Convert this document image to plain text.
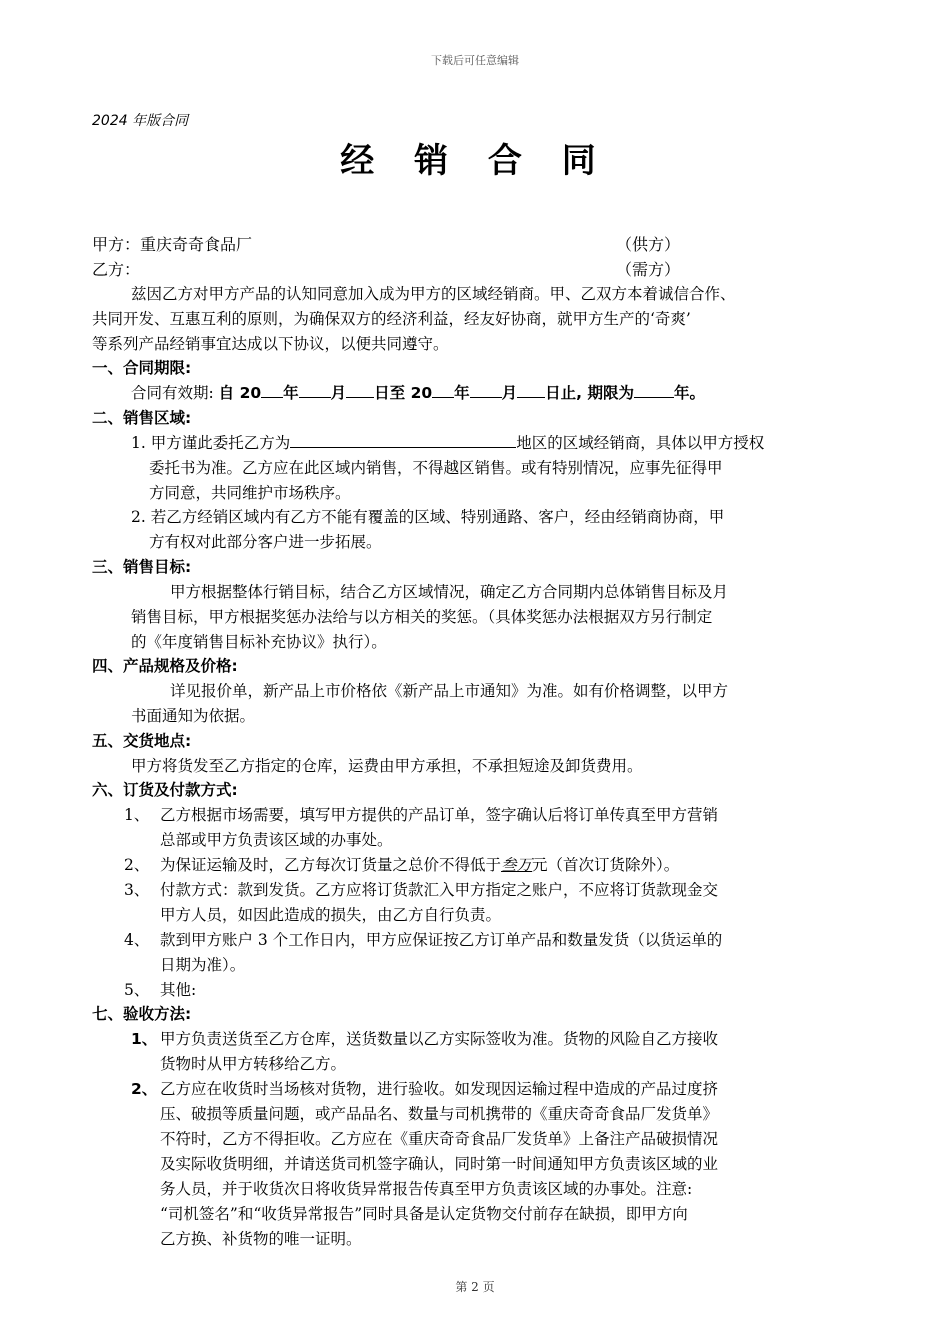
下载后可任意编辑
2024 年版合同
经 销 合 同
甲方：重庆奇奇食品厂	（供方）
乙方：	（需方）
兹因乙方对甲方产品的认知同意加入成为甲方的区域经销商。甲、乙双方本着诚信合作、
共同开发、互惠互利的原则，为确保双方的经济利益，经友好协商，就甲方生产的‘奇爽’
等系列产品经销事宜达成以下协议，以便共同遵守。
一、合同期限:
合同有效期: 自 20 年 月 日至 20 年 月 日止, 期限为	年。
二、销售区域:
1. 甲方谨此委托乙方为	地区的区域经销商，具体以甲方授权
委托书为准。乙方应在此区域内销售，不得越区销售。或有特别情况，应事先征得甲
方同意，共同维护市场秩序。
2. 若乙方经销区域内有乙方不能有覆盖的区域、特别通路、客户，经由经销商协商，甲
方有权对此部分客户进一步拓展。
三、销售目标:
甲方根据整体行销目标，结合乙方区域情况，确定乙方合同期内总体销售目标及月
销售目标，甲方根据奖惩办法给与以方相关的奖惩。（具体奖惩办法根据双方另行制定
的《年度销售目标补充协议》执行）。
四、产品规格及价格:
详见报价单，新产品上市价格依《新产品上市通知》为准。如有价格调整，以甲方
书面通知为依据。
五、交货地点:
甲方将货发至乙方指定的仓库，运费由甲方承担，不承担短途及卸货费用。
六、订货及付款方式:
1、 乙方根据市场需要，填写甲方提供的产品订单，签字确认后将订单传真至甲方营销
总部或甲方负责该区域的办事处。
2、 为保证运输及时，乙方每次订货量之总价不得低于叁万元（首次订货除外）。
3、 付款方式：款到发货。乙方应将订货款汇入甲方指定之账户，不应将订货款现金交
甲方人员，如因此造成的损失，由乙方自行负责。
4、 款到甲方账户 3 个工作日内，甲方应保证按乙方订单产品和数量发货（以货运单的
日期为准）。
5、 其他:
七、验收方法:
1、 甲方负责送货至乙方仓库，送货数量以乙方实际签收为准。货物的风险自乙方接收
货物时从甲方转移给乙方。
2、 乙方应在收货时当场核对货物，进行验收。如发现因运输过程中造成的产品过度挤
压、破损等质量问题，或产品品名、数量与司机携带的《重庆奇奇食品厂发货单》
不符时，乙方不得拒收。乙方应在《重庆奇奇食品厂发货单》上备注产品破损情况
及实际收货明细，并请送货司机签字确认，同时第一时间通知甲方负责该区域的业
务人员，并于收货次日将收货异常报告传真至甲方负责该区域的办事处。注意:
“司机签名”和“收货异常报告”同时具备是认定货物交付前存在缺损，即甲方向
乙方换、补货物的唯一证明。
第 2 页
